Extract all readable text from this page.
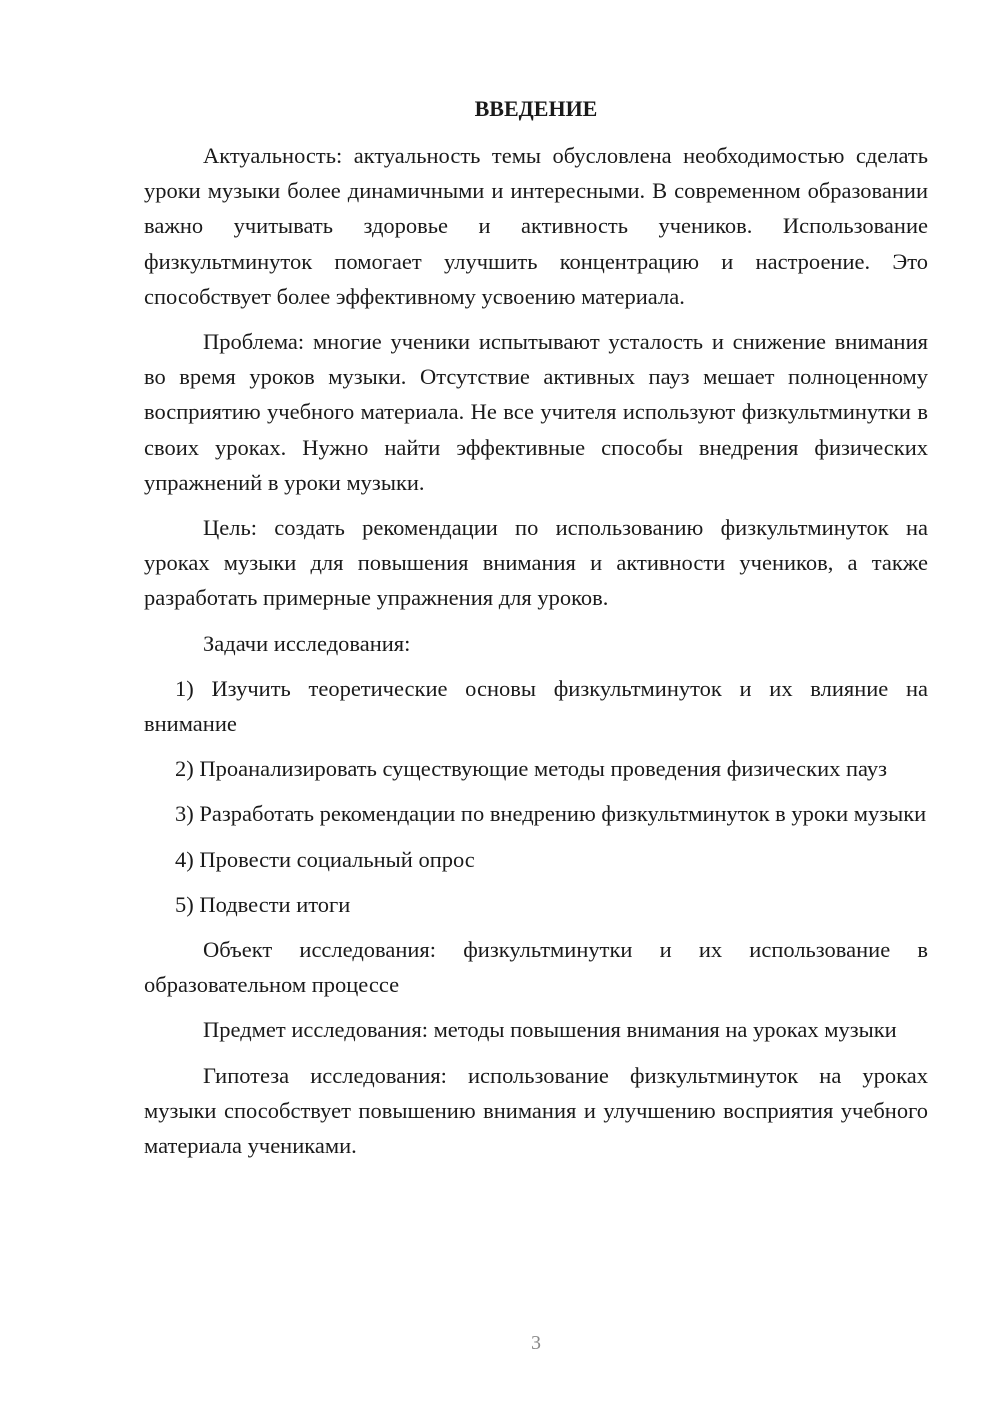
ВВЕДЕНИЕ

Актуальность: актуальность темы обусловлена необходимостью сделать уроки музыки более динамичными и интересными. В современном образовании важно учитывать здоровье и активность учеников. Использование физкультминуток помогает улучшить концентрацию и настроение. Это способствует более эффективному усвоению материала.

Проблема: многие ученики испытывают усталость и снижение внимания во время уроков музыки. Отсутствие активных пауз мешает полноценному восприятию учебного материала. Не все учителя используют физкультминутки в своих уроках. Нужно найти эффективные способы внедрения физических упражнений в уроки музыки.

Цель: создать рекомендации по использованию физкультминуток на уроках музыки для повышения внимания и активности учеников, а также разработать примерные упражнения для уроков.

Задачи исследования:

1) Изучить теоретические основы физкультминуток и их влияние на внимание

2) Проанализировать существующие методы проведения физических пауз

3) Разработать рекомендации по внедрению физкультминуток в уроки музыки

4) Провести социальный опрос

5) Подвести итоги

Объект исследования: физкультминутки и их использование в образовательном процессе

Предмет исследования: методы повышения внимания на уроках музыки

Гипотеза исследования: использование физкультминуток на уроках музыки способствует повышению внимания и улучшению восприятия учебного материала учениками.

3
